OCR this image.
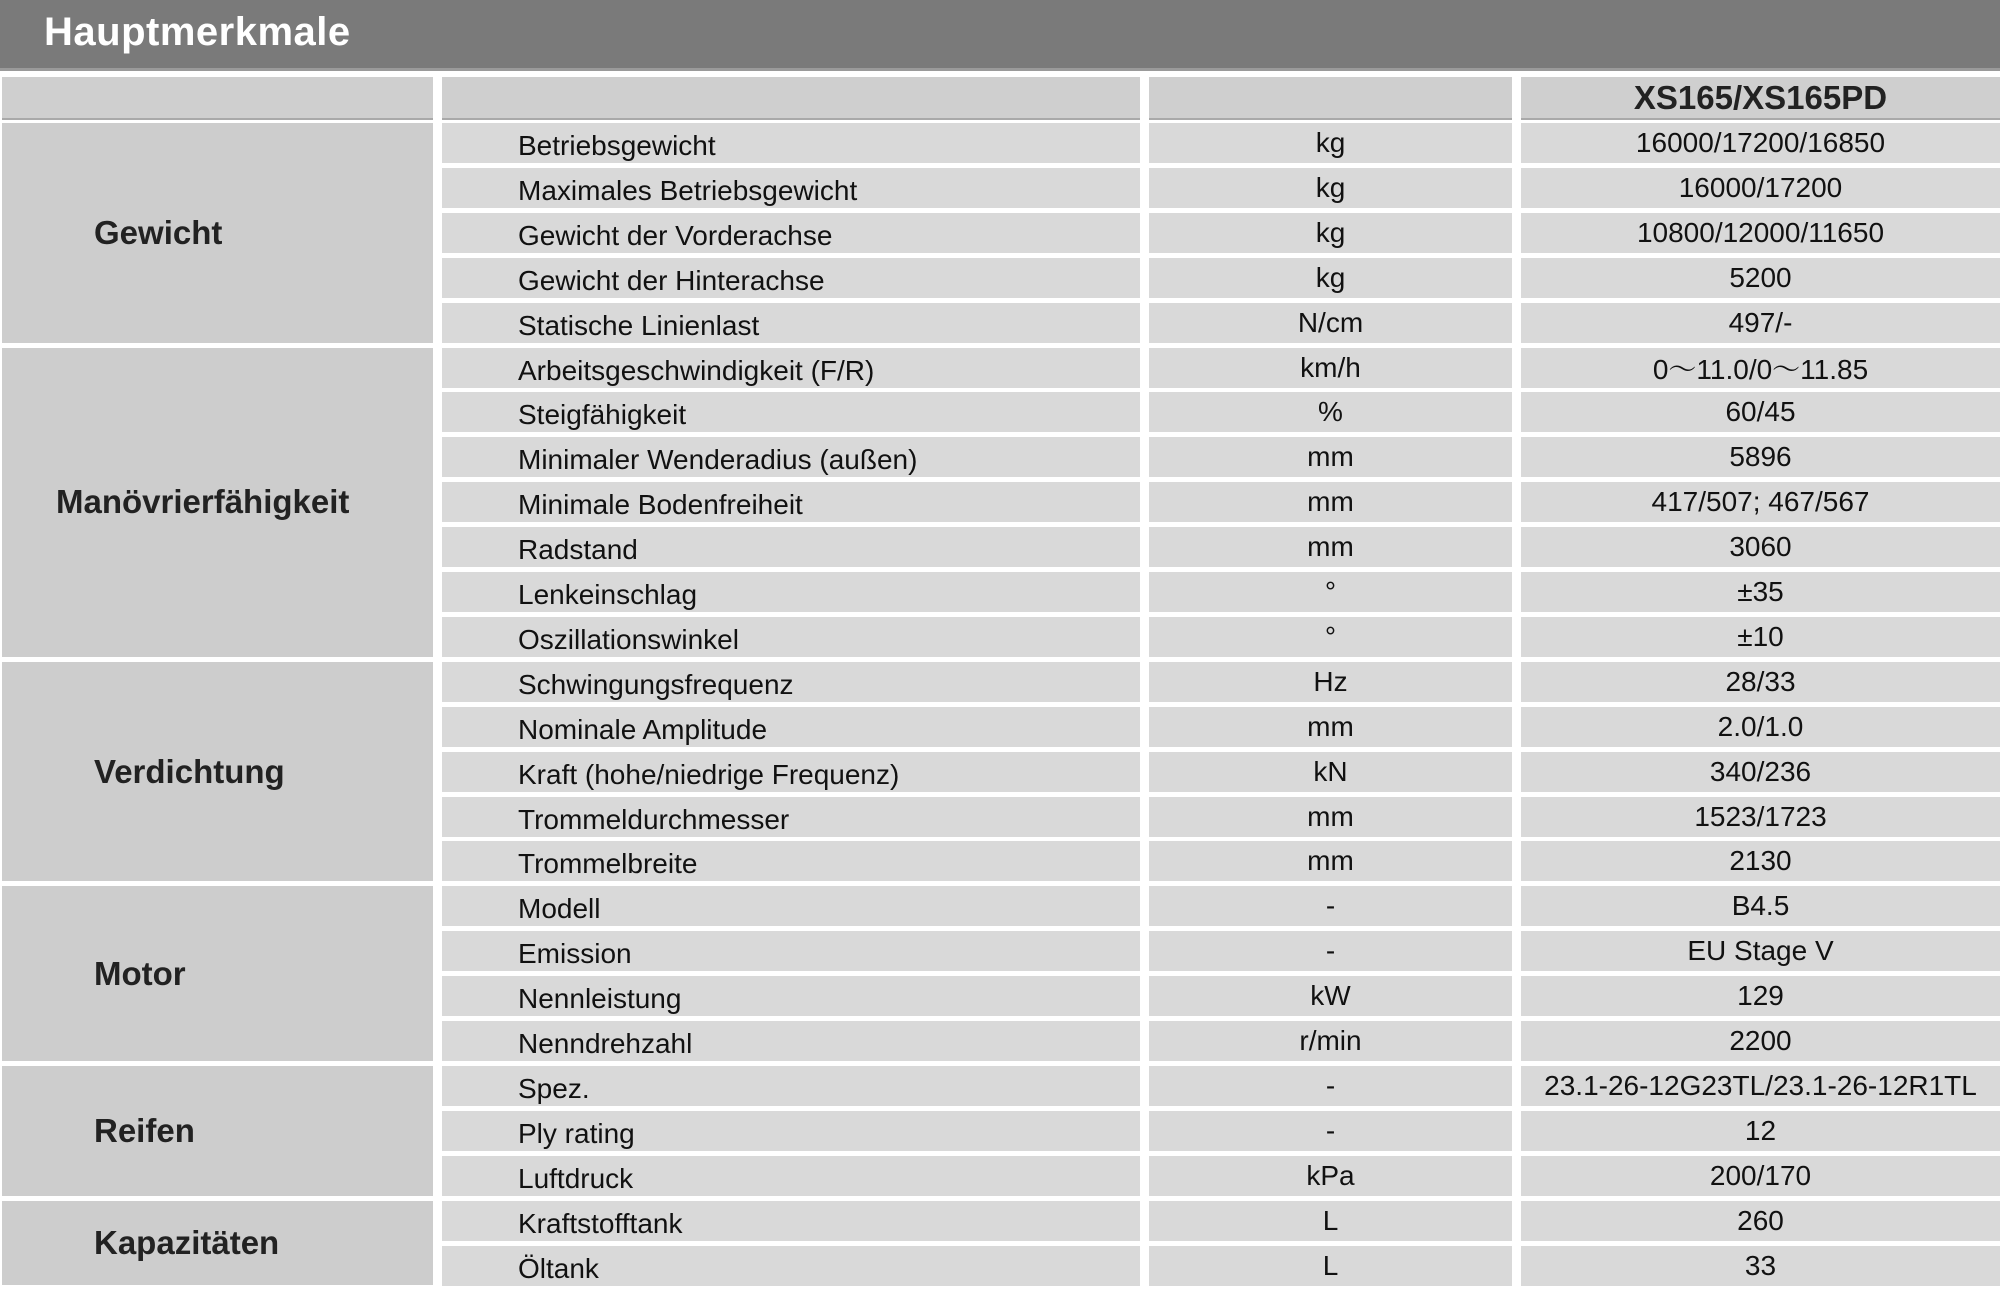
Hauptmerkmale
XS165/XS165PD
Gewicht
Betriebsgewicht	kg	16000/17200/16850
Maximales Betriebsgewicht	kg	16000/17200
Gewicht der Vorderachse	kg	10800/12000/11650
Gewicht der Hinterachse	kg	5200
Statische Linienlast	N/cm	497/-
Manövrierfähigkeit
Arbeitsgeschwindigkeit (F/R)	km/h	0～11.0/0～11.85
Steigfähigkeit	%	60/45
Minimaler Wenderadius (außen)	mm	5896
Minimale Bodenfreiheit	mm	417/507; 467/567
Radstand	mm	3060
Lenkeinschlag	°	±35
Oszillationswinkel	°	±10
Verdichtung
Schwingungsfrequenz	Hz	28/33
Nominale Amplitude	mm	2.0/1.0
Kraft (hohe/niedrige Frequenz)	kN	340/236
Trommeldurchmesser	mm	1523/1723
Trommelbreite	mm	2130
Motor
Modell	-	B4.5
Emission	-	EU Stage V
Nennleistung	kW	129
Nenndrehzahl	r/min	2200
Reifen
Spez.	-	23.1-26-12G23TL/23.1-26-12R1TL
Ply rating	-	12
Luftdruck	kPa	200/170
Kapazitäten
Kraftstofftank	L	260
Öltank	L	33
